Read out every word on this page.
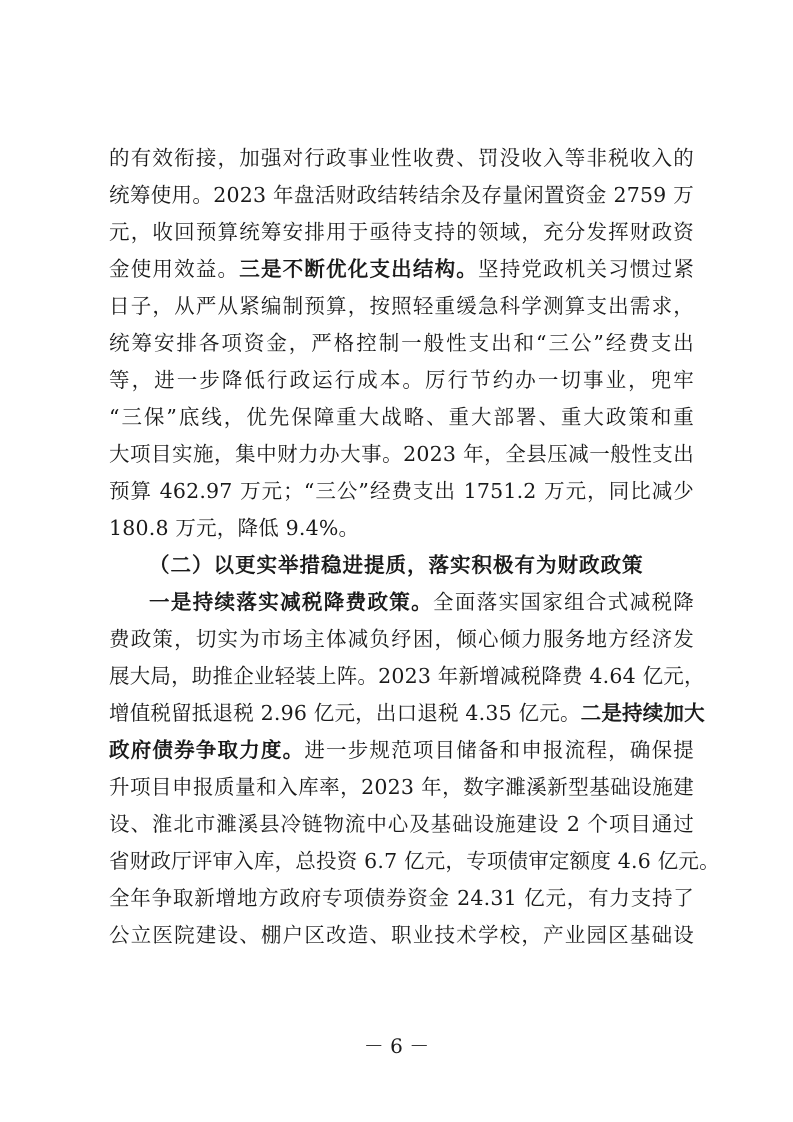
的有效衔接，加强对行政事业性收费、罚没收入等非税收入的
统筹使用。2023 年盘活财政结转结余及存量闲置资金 2759 万
元，收回预算统筹安排用于亟待支持的领域，充分发挥财政资
金使用效益。三是不断优化支出结构。坚持党政机关习惯过紧
日子，从严从紧编制预算，按照轻重缓急科学测算支出需求，
统筹安排各项资金，严格控制一般性支出和“三公”经费支出
等，进一步降低行政运行成本。厉行节约办一切事业，兜牢
“三保”底线，优先保障重大战略、重大部署、重大政策和重
大项目实施，集中财力办大事。2023 年，全县压减一般性支出
预算 462.97 万元；“三公”经费支出 1751.2 万元，同比减少
180.8 万元，降低 9.4%。
（二）以更实举措稳进提质，落实积极有为财政政策
一是持续落实减税降费政策。全面落实国家组合式减税降
费政策，切实为市场主体减负纾困，倾心倾力服务地方经济发
展大局，助推企业轻装上阵。2023 年新增减税降费 4.64 亿元，
增值税留抵退税 2.96 亿元，出口退税 4.35 亿元。二是持续加大
政府债券争取力度。进一步规范项目储备和申报流程，确保提
升项目申报质量和入库率，2023 年，数字濉溪新型基础设施建
设、淮北市濉溪县冷链物流中心及基础设施建设 2 个项目通过
省财政厅评审入库，总投资 6.7 亿元，专项债审定额度 4.6 亿元。
全年争取新增地方政府专项债券资金 24.31 亿元，有力支持了
公立医院建设、棚户区改造、职业技术学校，产业园区基础设
－ 6 －
